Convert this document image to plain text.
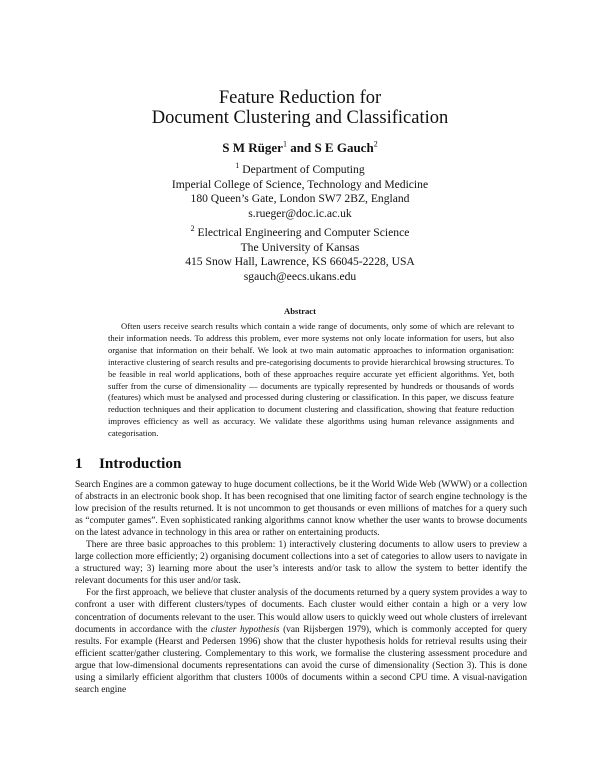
Feature Reduction for
Document Clustering and Classification
S M Rüger$^1$ and S E Gauch$^2$
$^1$ Department of Computing
Imperial College of Science, Technology and Medicine
180 Queen’s Gate, London SW7 2BZ, England
s.rueger@doc.ic.ac.uk
$^2$ Electrical Engineering and Computer Science
The University of Kansas
415 Snow Hall, Lawrence, KS 66045-2228, USA
sgauch@eecs.ukans.edu
Abstract

Often users receive search results which contain a wide range of documents, only some of which are relevant to their information needs. To address this problem, ever more systems not only locate information for users, but also organise that information on their behalf. We look at two main automatic approaches to information organisation: interactive clustering of search results and pre-categorising documents to provide hierarchical browsing structures. To be feasible in real world applications, both of these approaches require accurate yet efficient algorithms. Yet, both suffer from the curse of dimensionality — documents are typically represented by hundreds or thousands of words (features) which must be analysed and processed during clustering or classification. In this paper, we discuss feature reduction techniques and their application to document clustering and classification, showing that feature reduction improves efficiency as well as accuracy. We validate these algorithms using human relevance assignments and categorisation.

1 Introduction

Search Engines are a common gateway to huge document collections, be it the World Wide Web (WWW) or a collection of abstracts in an electronic book shop. It has been recognised that one limiting factor of search engine technology is the low precision of the results returned. It is not uncommon to get thousands or even millions of matches for a query such as “computer games”. Even sophisticated ranking algorithms cannot know whether the user wants to browse documents on the latest advance in technology in this area or rather on entertaining products.

There are three basic approaches to this problem: 1) interactively clustering documents to allow users to preview a large collection more efficiently; 2) organising document collections into a set of categories to allow users to navigate in a structured way; 3) learning more about the user’s interests and/or task to allow the system to better identify the relevant documents for this user and/or task.

For the first approach, we believe that cluster analysis of the documents returned by a query system provides a way to confront a user with different clusters/types of documents. Each cluster would either contain a high or a very low concentration of documents relevant to the user. This would allow users to quickly weed out whole clusters of irrelevant documents in accordance with the cluster hypothesis (van Rijsbergen 1979), which is commonly accepted for query results. For example (Hearst and Pedersen 1996) show that the cluster hypothesis holds for retrieval results using their efficient scatter/gather clustering. Complementary to this work, we formalise the clustering assessment procedure and argue that low-dimensional documents representations can avoid the curse of dimensionality (Section 3). This is done using a similarly efficient algorithm that clusters 1000s of documents within a second CPU time. A visual-navigation search engine
